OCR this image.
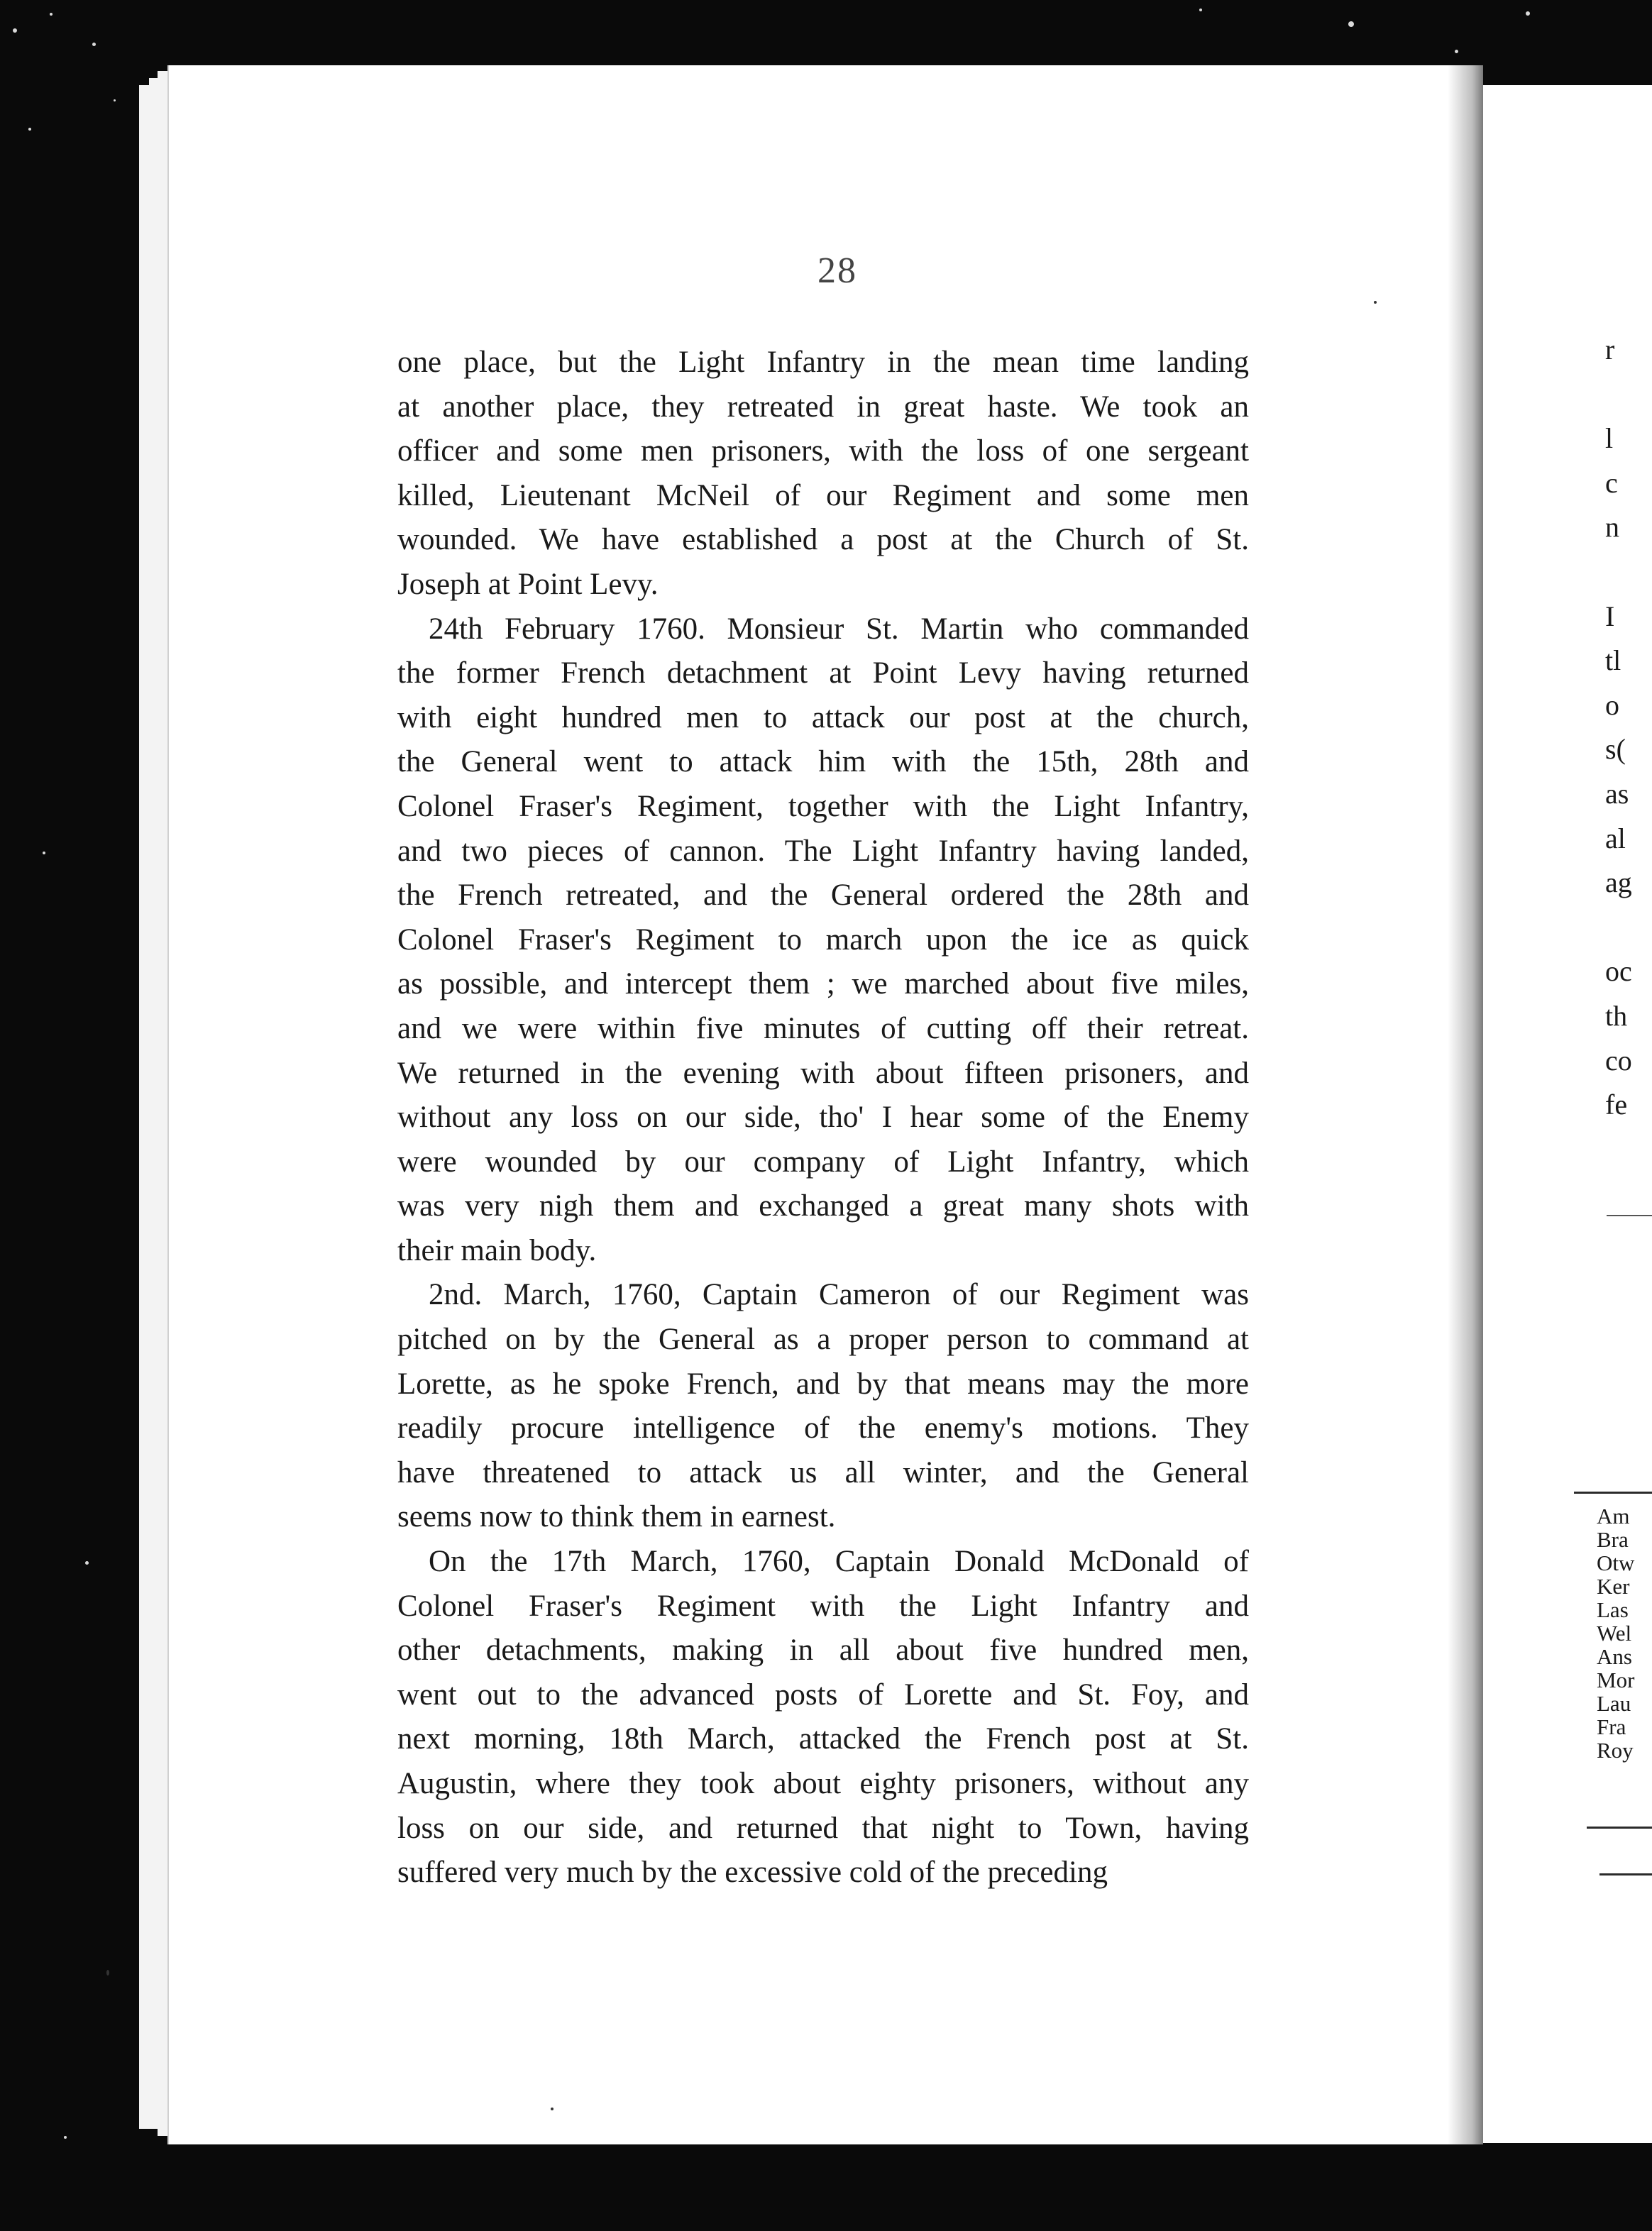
28
one place, but the Light Infantry in the mean time landing
at another place, they retreated in great haste. We took an
officer and some men prisoners, with the loss of one sergeant
killed, Lieutenant McNeil of our Regiment and some men
wounded. We have established a post at the Church of St.
Joseph at Point Levy.
24th February 1760. Monsieur St. Martin who commanded
the former French detachment at Point Levy having returned
with eight hundred men to attack our post at the church,
the General went to attack him with the 15th, 28th and
Colonel Fraser's Regiment, together with the Light Infantry,
and two pieces of cannon. The Light Infantry having landed,
the French retreated, and the General ordered the 28th and
Colonel Fraser's Regiment to march upon the ice as quick
as possible, and intercept them ; we marched about five miles,
and we were within five minutes of cutting off their retreat.
We returned in the evening with about fifteen prisoners, and
without any loss on our side, tho' I hear some of the Enemy
were wounded by our company of Light Infantry, which
was very nigh them and exchanged a great many shots with
their main body.
2nd. March, 1760, Captain Cameron of our Regiment was
pitched on by the General as a proper person to command at
Lorette, as he spoke French, and by that means may the more
readily procure intelligence of the enemy's motions. They
have threatened to attack us all winter, and the General
seems now to think them in earnest.
On the 17th March, 1760, Captain Donald McDonald of
Colonel Fraser's Regiment with the Light Infantry and
other detachments, making in all about five hundred men,
went out to the advanced posts of Lorette and St. Foy, and
next morning, 18th March, attacked the French post at St.
Augustin, where they took about eighty prisoners, without any
loss on our side, and returned that night to Town, having
suffered very much by the excessive cold of the preceding
r
l
c
n
I
tl
o
s(
as
al
ag
oc
th
co
fe
Am
Bra
Otw
Ker
Las
Wel
Ans
Mor
Lau
Fra
Roy
